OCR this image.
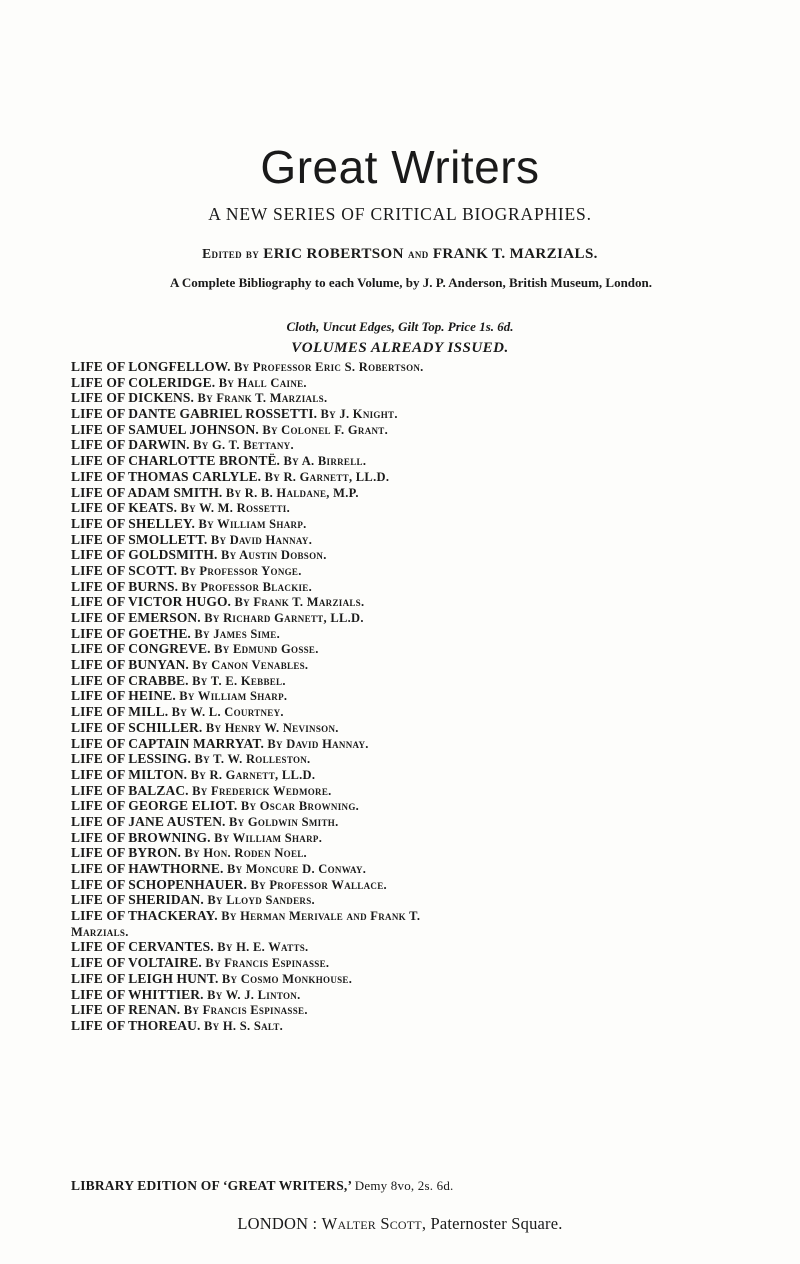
Great Writers
A NEW SERIES OF CRITICAL BIOGRAPHIES.
Edited by ERIC ROBERTSON and FRANK T. MARZIALS.
A Complete Bibliography to each Volume, by J. P. Anderson, British Museum, London.
Cloth, Uncut Edges, Gilt Top. Price 1s. 6d.
VOLUMES ALREADY ISSUED.
LIFE OF LONGFELLOW. By Professor Eric S. Robertson.
LIFE OF COLERIDGE. By Hall Caine.
LIFE OF DICKENS. By Frank T. Marzials.
LIFE OF DANTE GABRIEL ROSSETTI. By J. Knight.
LIFE OF SAMUEL JOHNSON. By Colonel F. Grant.
LIFE OF DARWIN. By G. T. Bettany.
LIFE OF CHARLOTTE BRONTË. By A. Birrell.
LIFE OF THOMAS CARLYLE. By R. Garnett, LL.D.
LIFE OF ADAM SMITH. By R. B. Haldane, M.P.
LIFE OF KEATS. By W. M. Rossetti.
LIFE OF SHELLEY. By William Sharp.
LIFE OF SMOLLETT. By David Hannay.
LIFE OF GOLDSMITH. By Austin Dobson.
LIFE OF SCOTT. By Professor Yonge.
LIFE OF BURNS. By Professor Blackie.
LIFE OF VICTOR HUGO. By Frank T. Marzials.
LIFE OF EMERSON. By Richard Garnett, LL.D.
LIFE OF GOETHE. By James Sime.
LIFE OF CONGREVE. By Edmund Gosse.
LIFE OF BUNYAN. By Canon Venables.
LIFE OF CRABBE. By T. E. Kebbel.
LIFE OF HEINE. By William Sharp.
LIFE OF MILL. By W. L. Courtney.
LIFE OF SCHILLER. By Henry W. Nevinson.
LIFE OF CAPTAIN MARRYAT. By David Hannay.
LIFE OF LESSING. By T. W. Rolleston.
LIFE OF MILTON. By R. Garnett, LL.D.
LIFE OF BALZAC. By Frederick Wedmore.
LIFE OF GEORGE ELIOT. By Oscar Browning.
LIFE OF JANE AUSTEN. By Goldwin Smith.
LIFE OF BROWNING. By William Sharp.
LIFE OF BYRON. By Hon. Roden Noel.
LIFE OF HAWTHORNE. By Moncure D. Conway.
LIFE OF SCHOPENHAUER. By Professor Wallace.
LIFE OF SHERIDAN. By Lloyd Sanders.
LIFE OF THACKERAY. By Herman Merivale and Frank T.
Marzials.
LIFE OF CERVANTES. By H. E. Watts.
LIFE OF VOLTAIRE. By Francis Espinasse.
LIFE OF LEIGH HUNT. By Cosmo Monkhouse.
LIFE OF WHITTIER. By W. J. Linton.
LIFE OF RENAN. By Francis Espinasse.
LIFE OF THOREAU. By H. S. Salt.
LIBRARY EDITION OF ‘GREAT WRITERS,’ Demy 8vo, 2s. 6d.
LONDON : Walter Scott, Paternoster Square.
